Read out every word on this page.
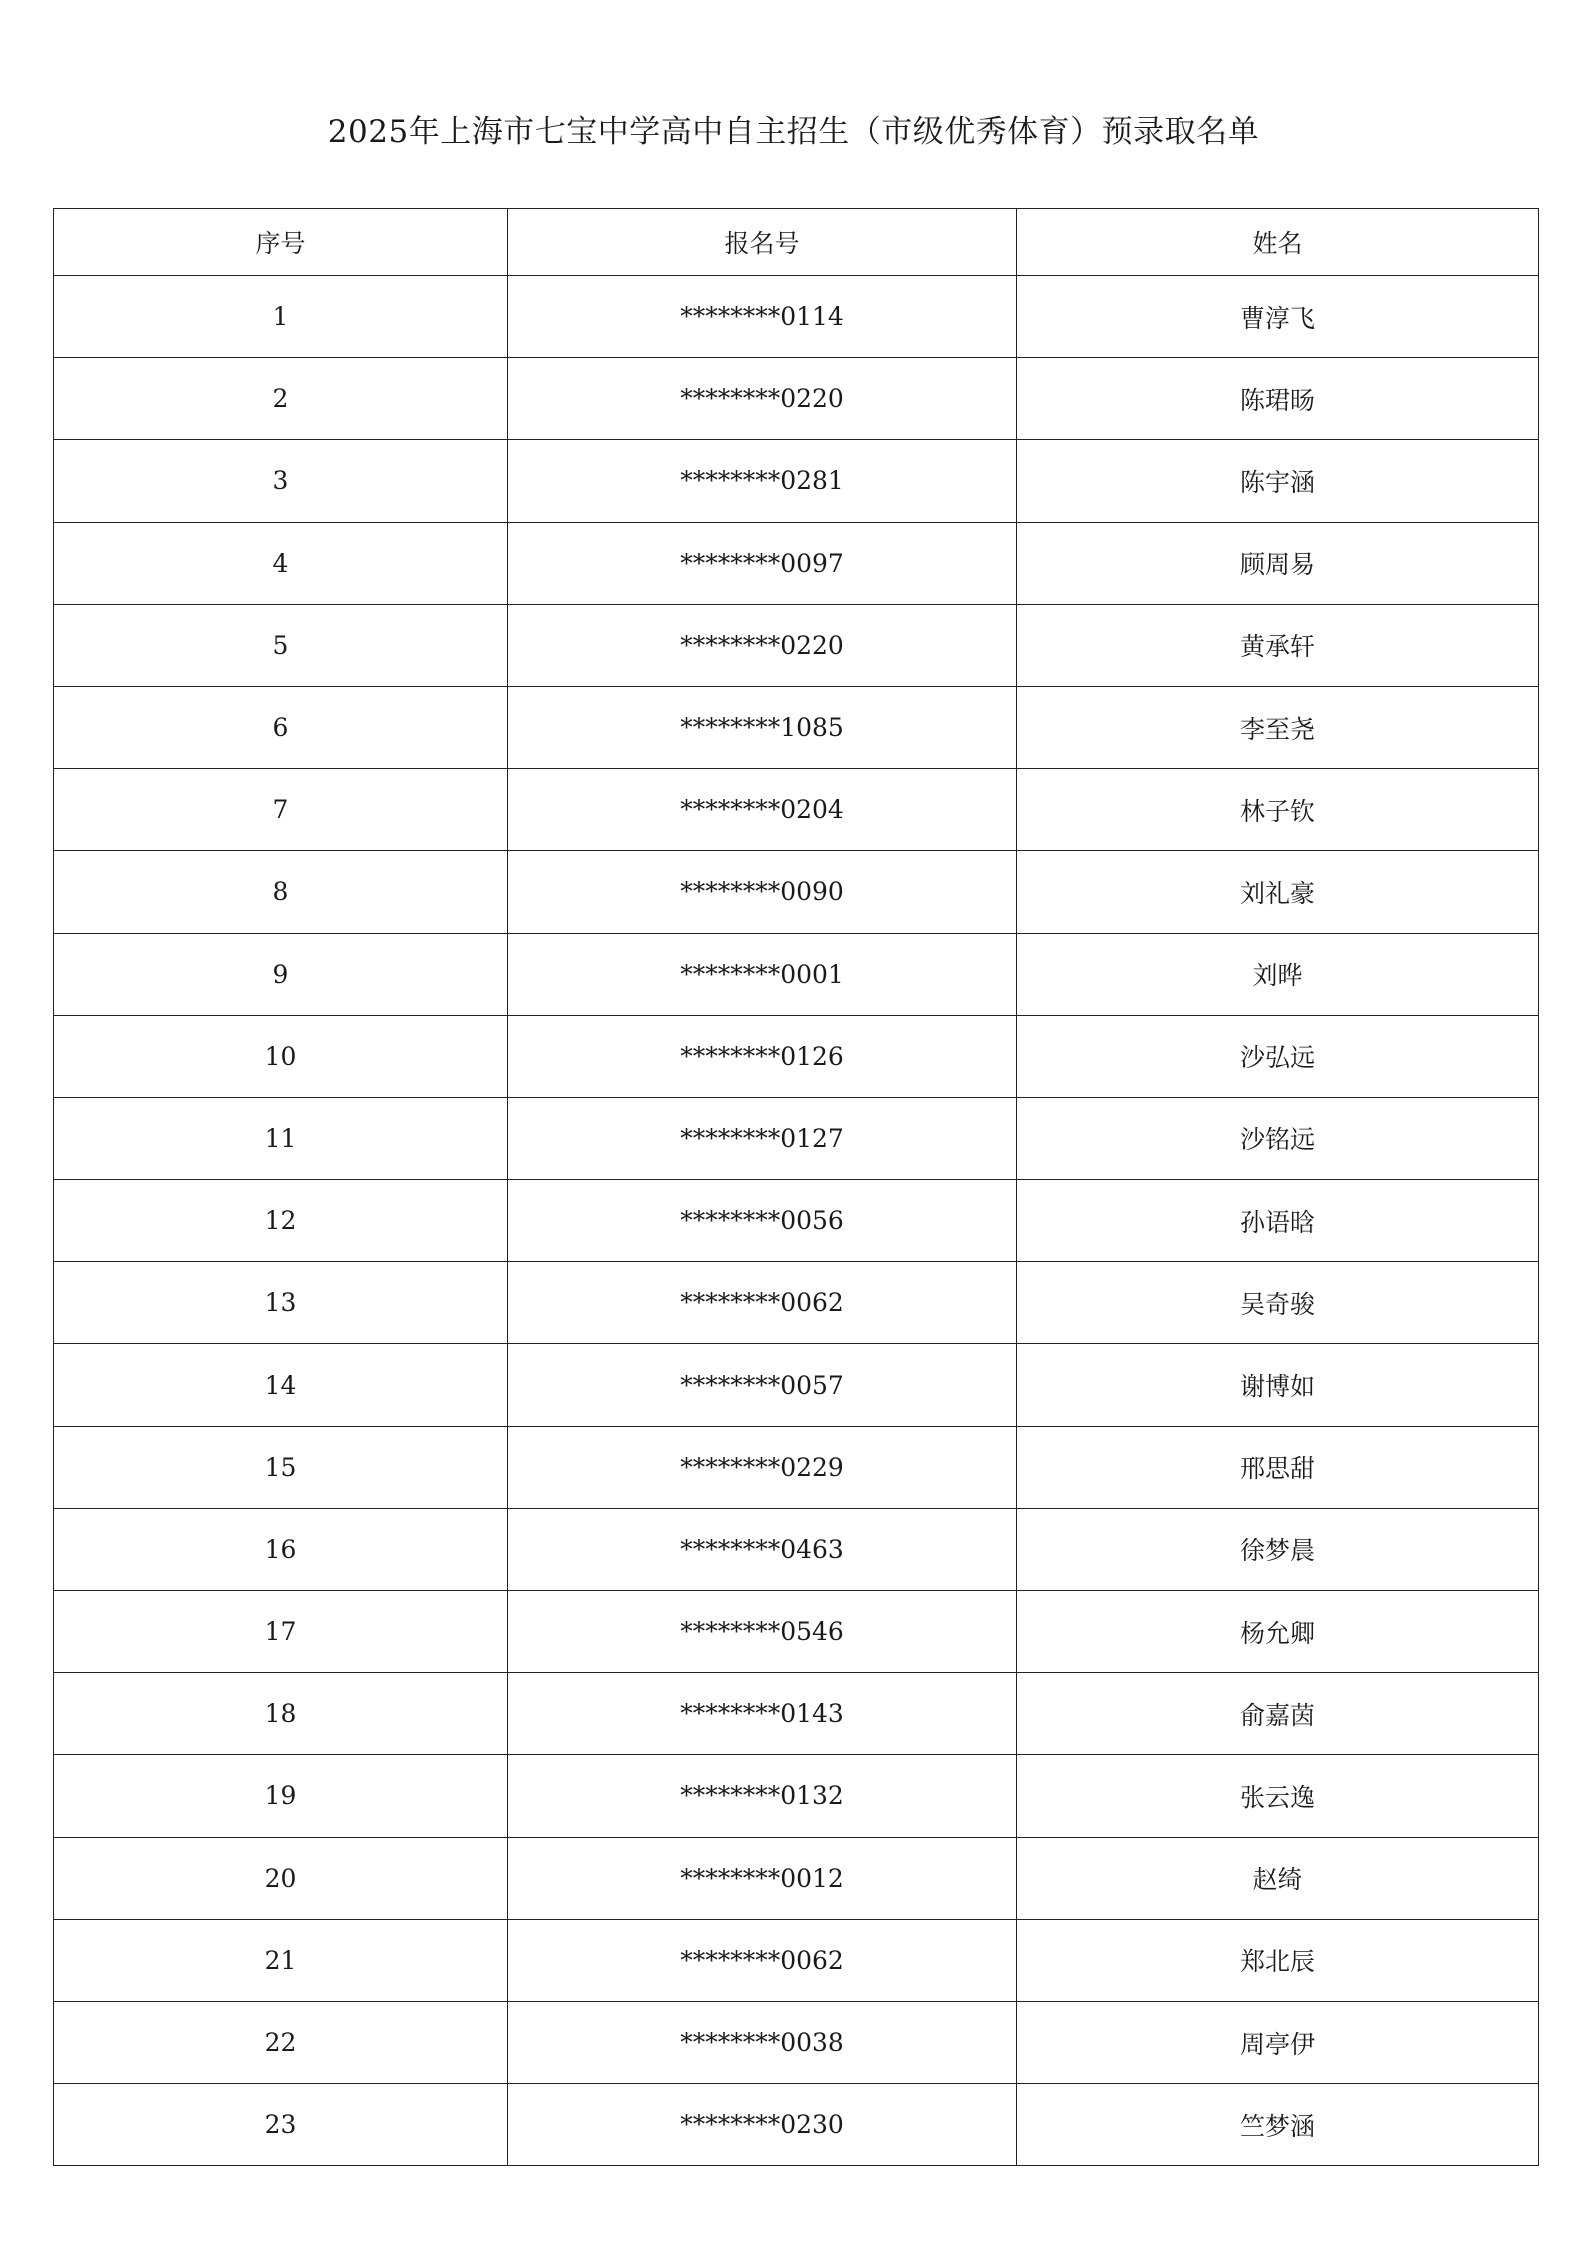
2025年上海市七宝中学高中自主招生（市级优秀体育）预录取名单
序号	报名号	姓名
1	********0114	曹淳飞
2	********0220	陈珺旸
3	********0281	陈宇涵
4	********0097	顾周易
5	********0220	黄承轩
6	********1085	李至尧
7	********0204	林子钦
8	********0090	刘礼豪
9	********0001	刘晔
10	********0126	沙弘远
11	********0127	沙铭远
12	********0056	孙语晗
13	********0062	吴奇骏
14	********0057	谢博如
15	********0229	邢思甜
16	********0463	徐梦晨
17	********0546	杨允卿
18	********0143	俞嘉茵
19	********0132	张云逸
20	********0012	赵绮
21	********0062	郑北辰
22	********0038	周亭伊
23	********0230	竺梦涵
